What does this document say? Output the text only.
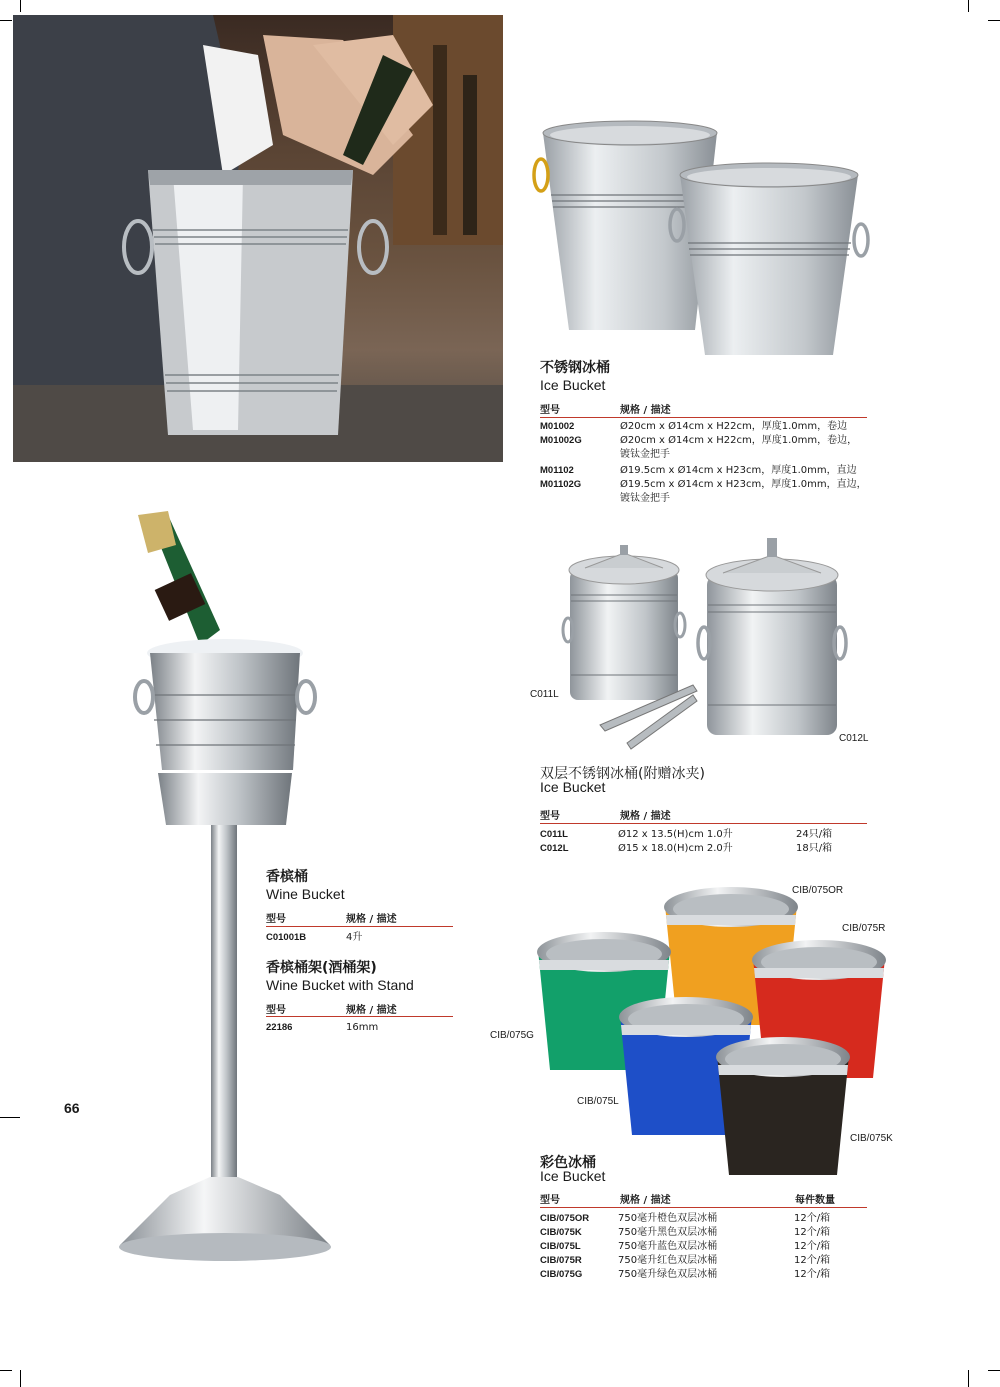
不锈钢冰桶
Ice Bucket
型号	规格 / 描述
M01002	Ø20cm x Ø14cm x H22cm，厚度1.0mm，卷边
M01002G	Ø20cm x Ø14cm x H22cm，厚度1.0mm，卷边，
镀钛金把手
M01102	Ø19.5cm x Ø14cm x H23cm，厚度1.0mm，直边
M01102G	Ø19.5cm x Ø14cm x H23cm，厚度1.0mm，直边，
镀钛金把手
C011L
C012L
双层不锈钢冰桶(附赠冰夹)
Ice Bucket
型号	规格 / 描述
C011L	Ø12 x 13.5(H)cm 1.0升	24只/箱
C012L	Ø15 x 18.0(H)cm 2.0升	18只/箱
香槟桶
Wine Bucket
型号	规格 / 描述
C01001B	4升
香槟桶架(酒桶架)
Wine Bucket with Stand
型号	规格 / 描述
22186	16mm
66
CIB/075OR
CIB/075R
CIB/075G
CIB/075L
CIB/075K
彩色冰桶
Ice Bucket
型号	规格 / 描述	每件数量
CIB/075OR	750毫升橙色双层冰桶	12个/箱
CIB/075K	750毫升黑色双层冰桶	12个/箱
CIB/075L	750毫升蓝色双层冰桶	12个/箱
CIB/075R	750毫升红色双层冰桶	12个/箱
CIB/075G	750毫升绿色双层冰桶	12个/箱
